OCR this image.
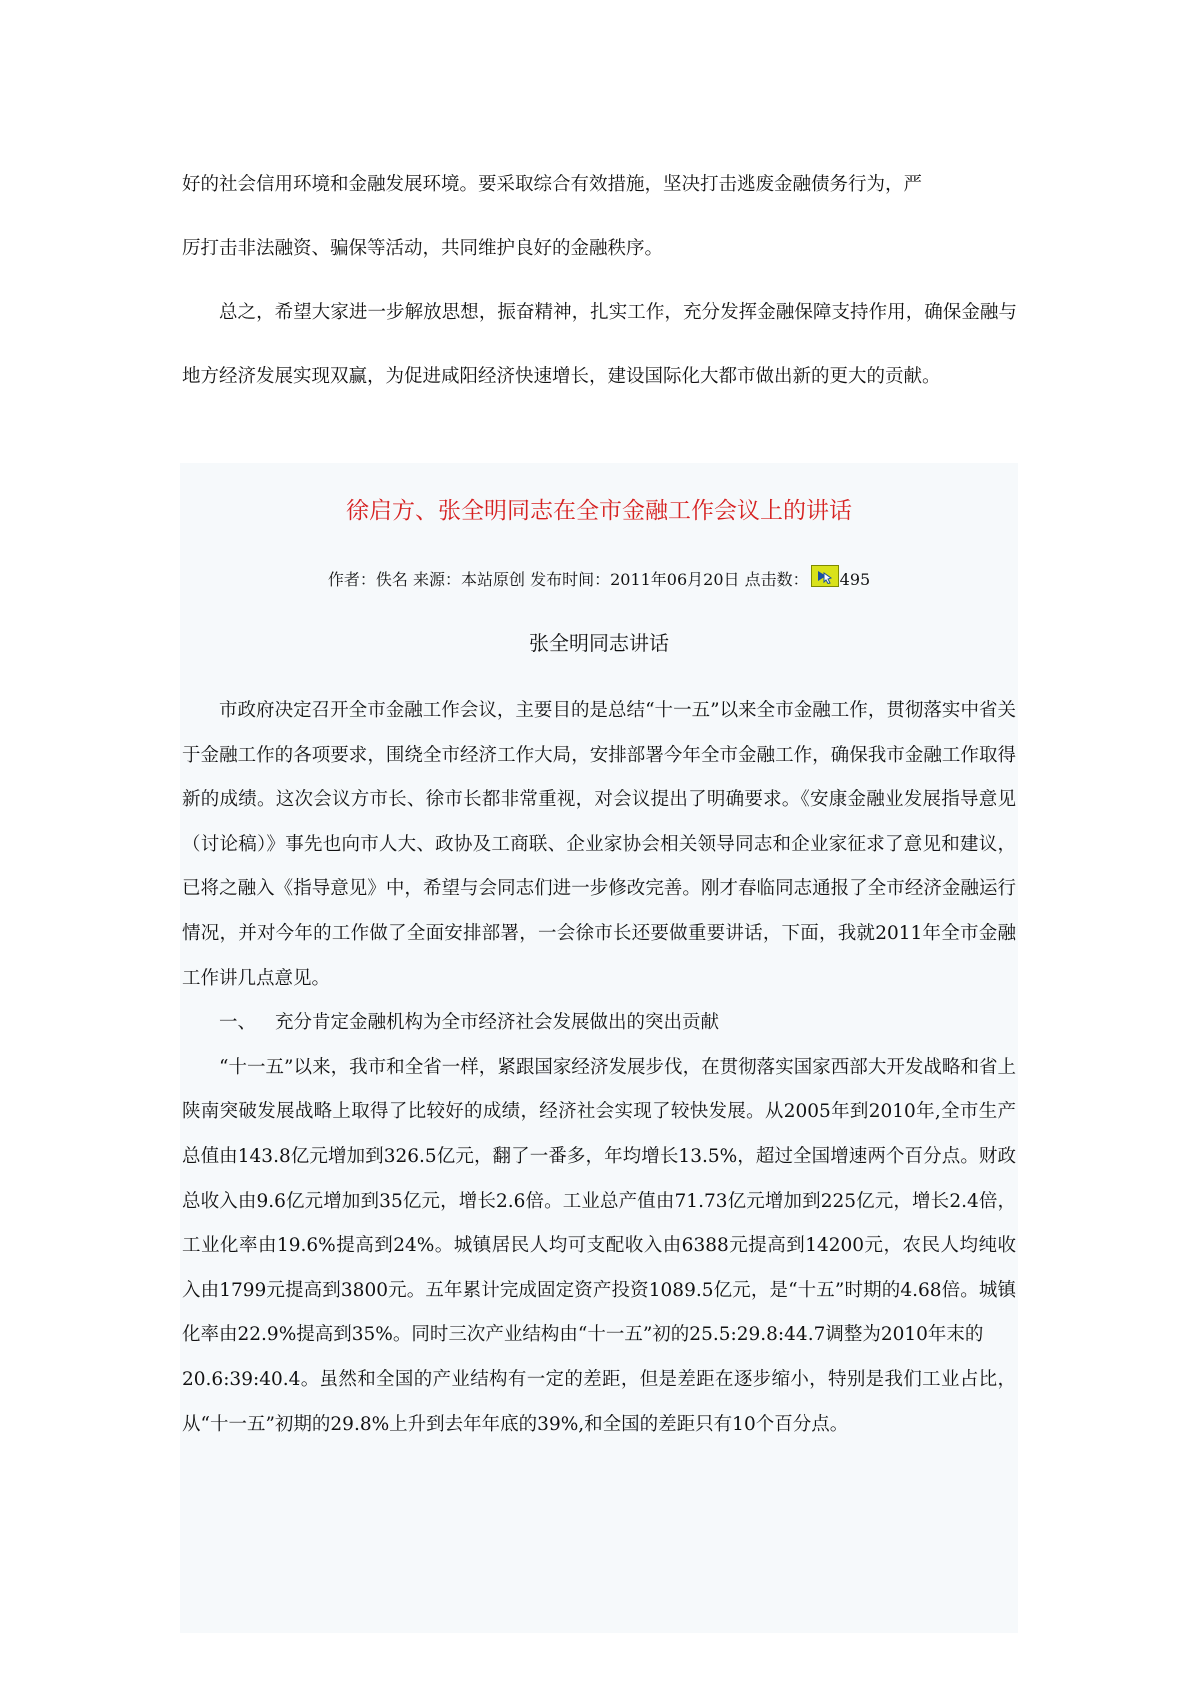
好的社会信用环境和金融发展环境。要采取综合有效措施，坚决打击逃废金融债务行为，严

厉打击非法融资、骗保等活动，共同维护良好的金融秩序。

总之，希望大家进一步解放思想，振奋精神，扎实工作，充分发挥金融保障支持作用，确保金融与地方经济发展实现双赢，为促进咸阳经济快速增长，建设国际化大都市做出新的更大的贡献。

徐启方、张全明同志在全市金融工作会议上的讲话
作者：佚名 来源：本站原创 发布时间：2011年06月20日 点击数： 495
张全明同志讲话

市政府决定召开全市金融工作会议，主要目的是总结“十一五”以来全市金融工作，贯彻落实中省关于金融工作的各项要求，围绕全市经济工作大局，安排部署今年全市金融工作，确保我市金融工作取得新的成绩。这次会议方市长、徐市长都非常重视，对会议提出了明确要求。《安康金融业发展指导意见（讨论稿）》事先也向市人大、政协及工商联、企业家协会相关领导同志和企业家征求了意见和建议，已将之融入《指导意见》中，希望与会同志们进一步修改完善。刚才春临同志通报了全市经济金融运行情况，并对今年的工作做了全面安排部署，一会徐市长还要做重要讲话，下面，我就2011年全市金融工作讲几点意见。

一、 充分肯定金融机构为全市经济社会发展做出的突出贡献

“十一五”以来，我市和全省一样，紧跟国家经济发展步伐，在贯彻落实国家西部大开发战略和省上陕南突破发展战略上取得了比较好的成绩，经济社会实现了较快发展。从2005年到2010年,全市生产总值由143.8亿元增加到326.5亿元，翻了一番多，年均增长13.5%，超过全国增速两个百分点。财政总收入由9.6亿元增加到35亿元，增长2.6倍。工业总产值由71.73亿元增加到225亿元，增长2.4倍，工业化率由19.6%提高到24%。城镇居民人均可支配收入由6388元提高到14200元，农民人均纯收入由1799元提高到3800元。五年累计完成固定资产投资1089.5亿元，是“十五”时期的4.68倍。城镇化率由22.9%提高到35%。同时三次产业结构由“十一五”初的25.5:29.8:44.7调整为2010年末的

20.6:39:40.4。虽然和全国的产业结构有一定的差距，但是差距在逐步缩小，特别是我们工业占比，从“十一五”初期的29.8%上升到去年年底的39%,和全国的差距只有10个百分点。
